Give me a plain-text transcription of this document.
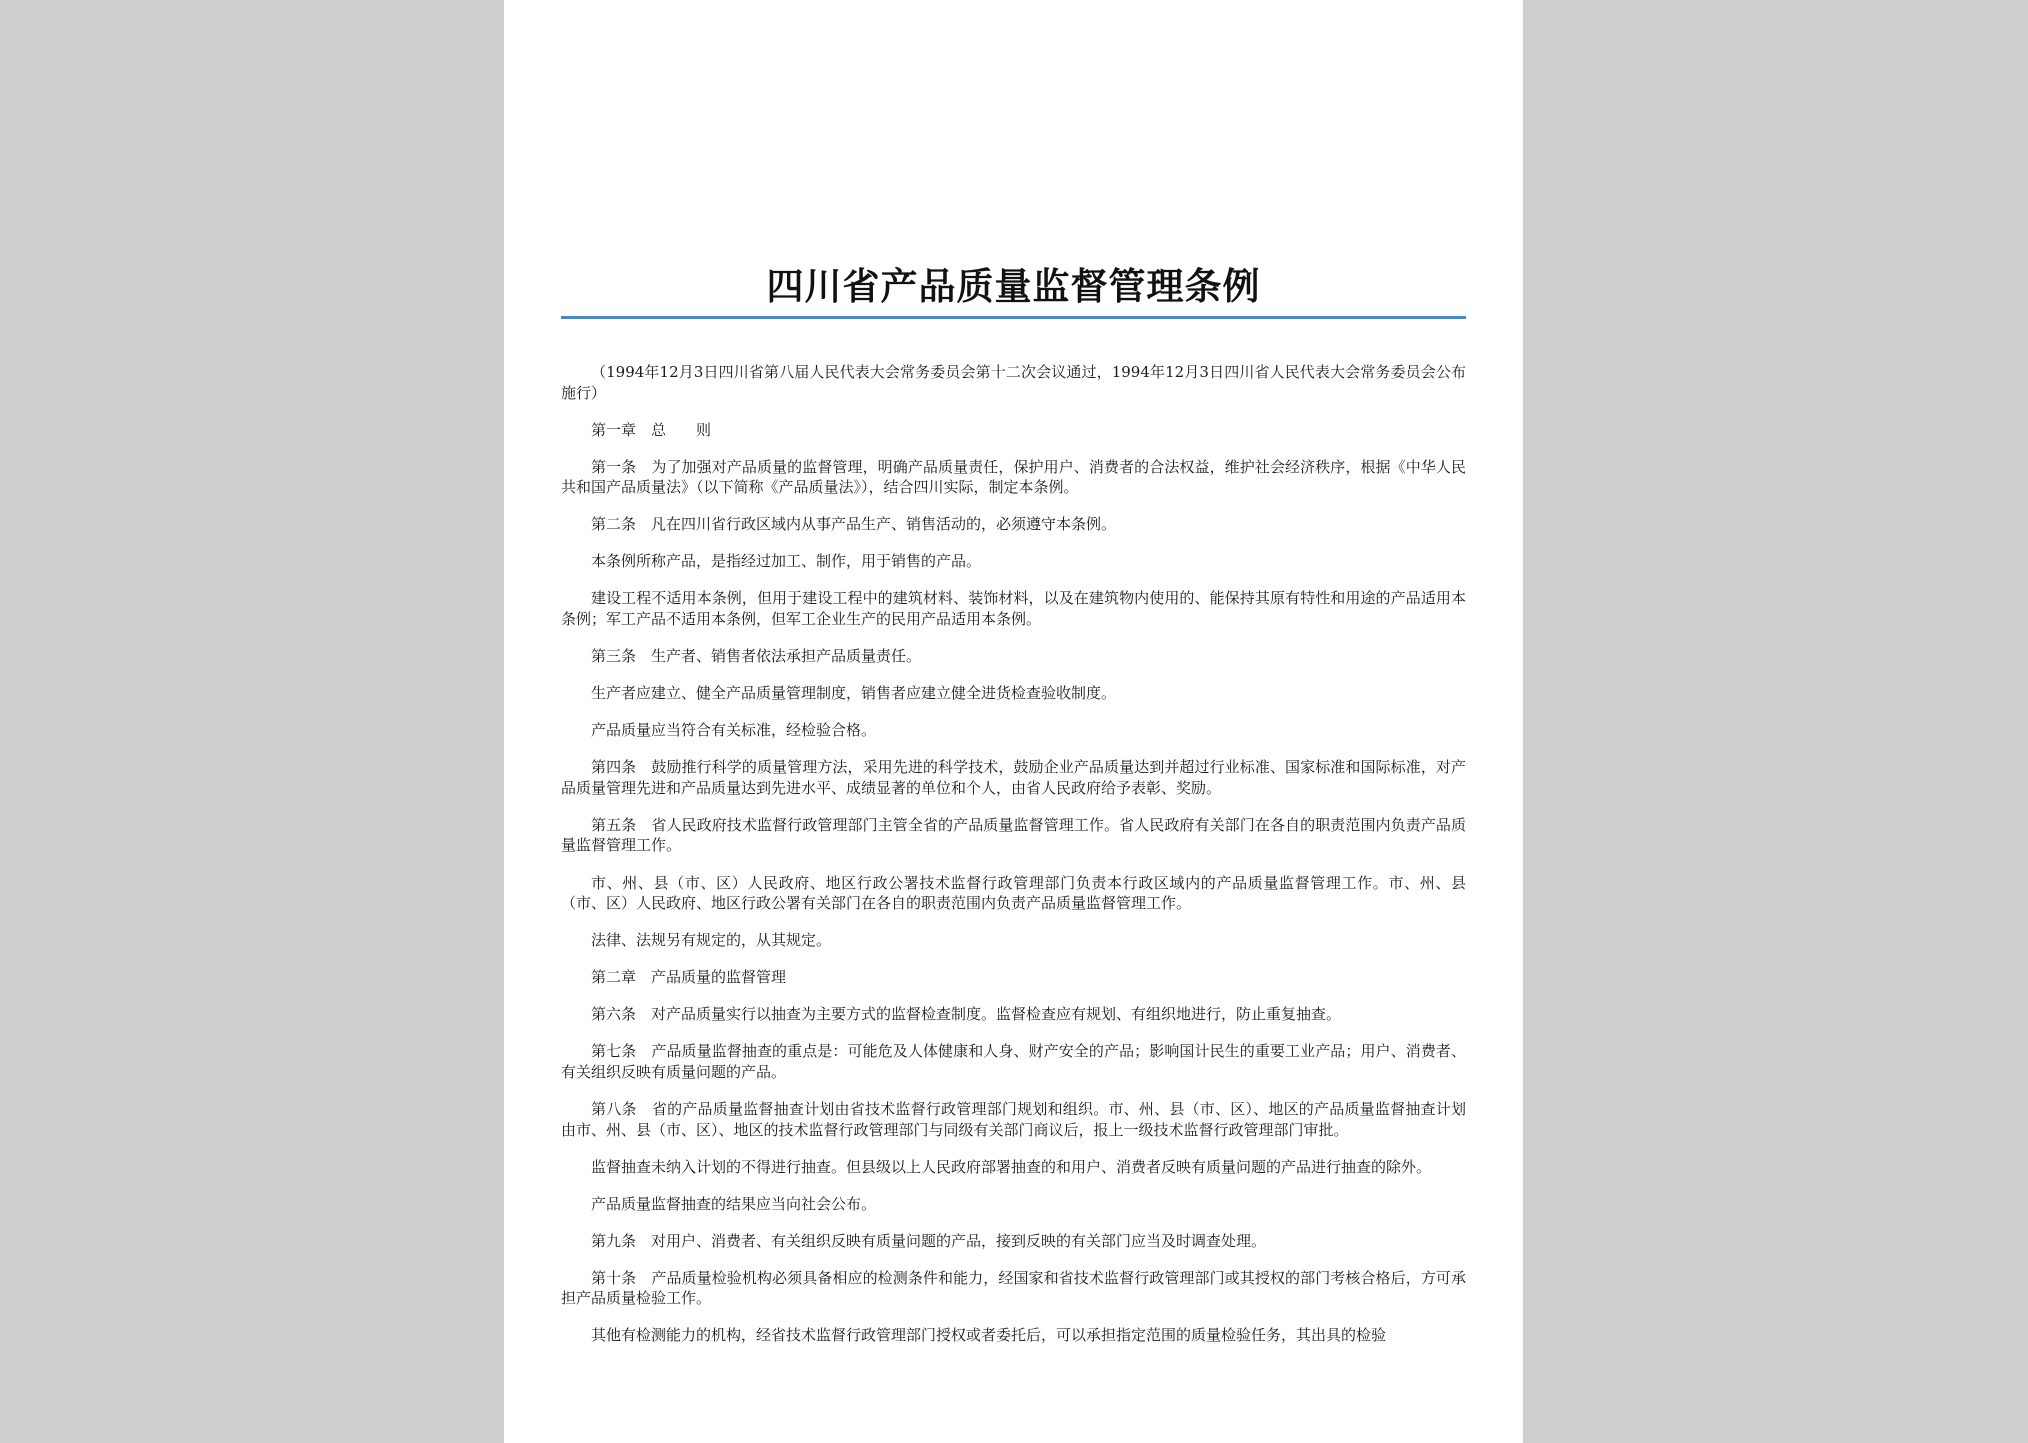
四川省产品质量监督管理条例

（1994年12月3日四川省第八届人民代表大会常务委员会第十二次会议通过，1994年12月3日四川省人民代表大会常务委员会公布施行）

第一章　总　　则

第一条　为了加强对产品质量的监督管理，明确产品质量责任，保护用户、消费者的合法权益，维护社会经济秩序，根据《中华人民共和国产品质量法》（以下简称《产品质量法》），结合四川实际，制定本条例。

第二条　凡在四川省行政区域内从事产品生产、销售活动的，必须遵守本条例。

本条例所称产品，是指经过加工、制作，用于销售的产品。

建设工程不适用本条例，但用于建设工程中的建筑材料、装饰材料，以及在建筑物内使用的、能保持其原有特性和用途的产品适用本条例；军工产品不适用本条例，但军工企业生产的民用产品适用本条例。

第三条　生产者、销售者依法承担产品质量责任。

生产者应建立、健全产品质量管理制度，销售者应建立健全进货检查验收制度。

产品质量应当符合有关标准，经检验合格。

第四条　鼓励推行科学的质量管理方法，采用先进的科学技术，鼓励企业产品质量达到并超过行业标准、国家标准和国际标准，对产品质量管理先进和产品质量达到先进水平、成绩显著的单位和个人，由省人民政府给予表彰、奖励。

第五条　省人民政府技术监督行政管理部门主管全省的产品质量监督管理工作。省人民政府有关部门在各自的职责范围内负责产品质量监督管理工作。

市、州、县（市、区）人民政府、地区行政公署技术监督行政管理部门负责本行政区域内的产品质量监督管理工作。市、州、县（市、区）人民政府、地区行政公署有关部门在各自的职责范围内负责产品质量监督管理工作。

法律、法规另有规定的，从其规定。

第二章　产品质量的监督管理

第六条　对产品质量实行以抽查为主要方式的监督检查制度。监督检查应有规划、有组织地进行，防止重复抽查。

第七条　产品质量监督抽查的重点是：可能危及人体健康和人身、财产安全的产品；影响国计民生的重要工业产品；用户、消费者、有关组织反映有质量问题的产品。

第八条　省的产品质量监督抽查计划由省技术监督行政管理部门规划和组织。市、州、县（市、区）、地区的产品质量监督抽查计划由市、州、县（市、区）、地区的技术监督行政管理部门与同级有关部门商议后，报上一级技术监督行政管理部门审批。

监督抽查未纳入计划的不得进行抽查。但县级以上人民政府部署抽查的和用户、消费者反映有质量问题的产品进行抽查的除外。

产品质量监督抽查的结果应当向社会公布。

第九条　对用户、消费者、有关组织反映有质量问题的产品，接到反映的有关部门应当及时调查处理。

第十条　产品质量检验机构必须具备相应的检测条件和能力，经国家和省技术监督行政管理部门或其授权的部门考核合格后，方可承担产品质量检验工作。

其他有检测能力的机构，经省技术监督行政管理部门授权或者委托后，可以承担指定范围的质量检验任务，其出具的检验
